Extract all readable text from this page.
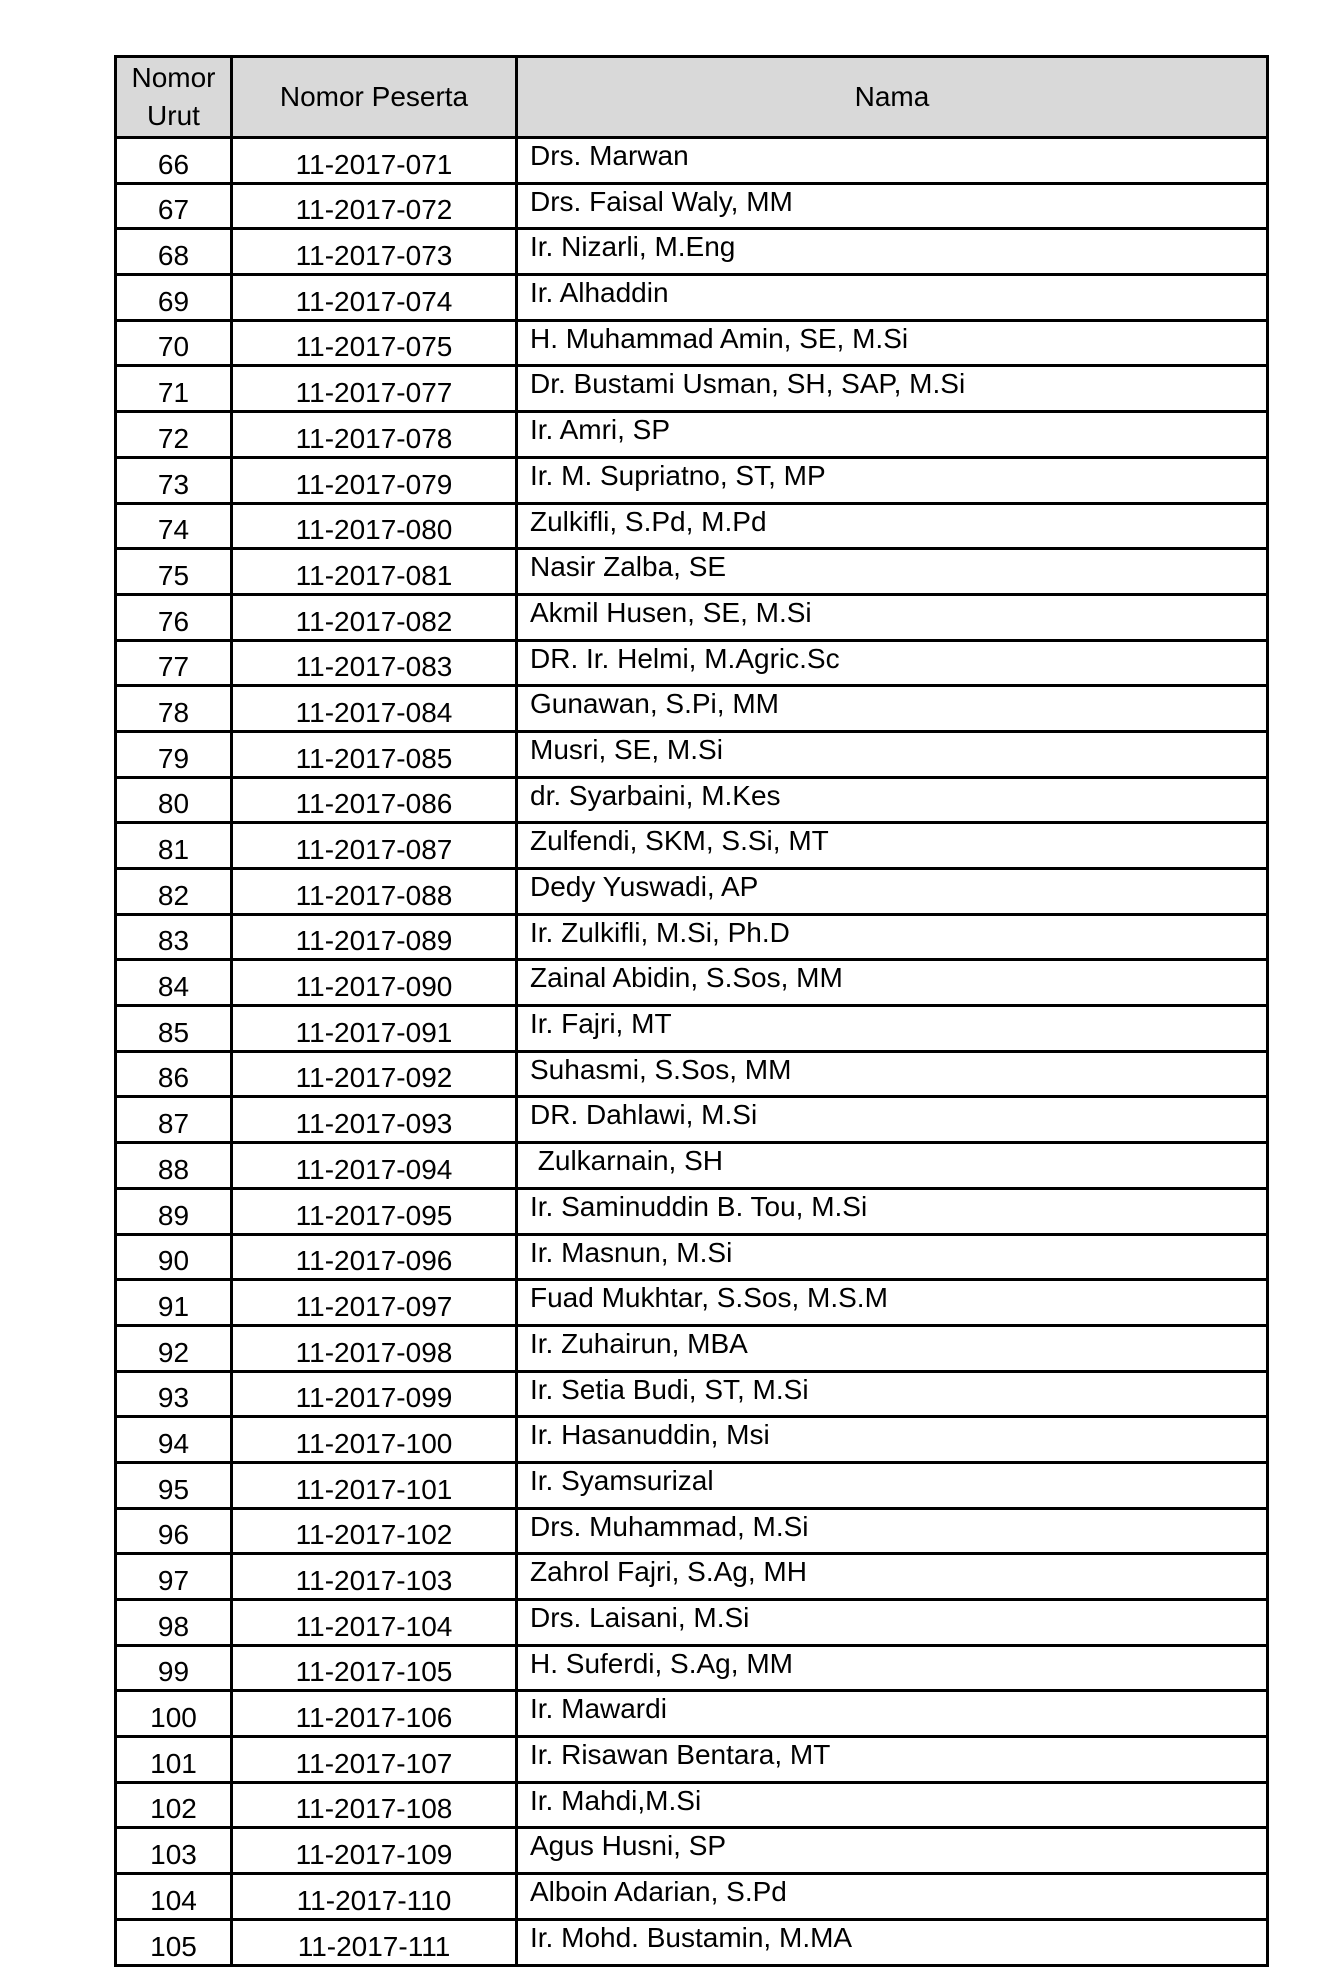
Nomor
Urut	Nomor Peserta	Nama
66	11-2017-071	Drs. Marwan
67	11-2017-072	Drs. Faisal Waly, MM
68	11-2017-073	Ir. Nizarli, M.Eng
69	11-2017-074	Ir. Alhaddin
70	11-2017-075	H. Muhammad Amin, SE, M.Si
71	11-2017-077	Dr. Bustami Usman, SH, SAP, M.Si
72	11-2017-078	Ir. Amri, SP
73	11-2017-079	Ir. M. Supriatno, ST, MP
74	11-2017-080	Zulkifli, S.Pd, M.Pd
75	11-2017-081	Nasir Zalba, SE
76	11-2017-082	Akmil Husen, SE, M.Si
77	11-2017-083	DR. Ir. Helmi, M.Agric.Sc
78	11-2017-084	Gunawan, S.Pi, MM
79	11-2017-085	Musri, SE, M.Si
80	11-2017-086	dr. Syarbaini, M.Kes
81	11-2017-087	Zulfendi, SKM, S.Si, MT
82	11-2017-088	Dedy Yuswadi, AP
83	11-2017-089	Ir. Zulkifli, M.Si, Ph.D
84	11-2017-090	Zainal Abidin, S.Sos, MM
85	11-2017-091	Ir. Fajri, MT
86	11-2017-092	Suhasmi, S.Sos, MM
87	11-2017-093	DR. Dahlawi, M.Si
88	11-2017-094	Zulkarnain, SH
89	11-2017-095	Ir. Saminuddin B. Tou, M.Si
90	11-2017-096	Ir. Masnun, M.Si
91	11-2017-097	Fuad Mukhtar, S.Sos, M.S.M
92	11-2017-098	Ir. Zuhairun, MBA
93	11-2017-099	Ir. Setia Budi, ST, M.Si
94	11-2017-100	Ir. Hasanuddin, Msi
95	11-2017-101	Ir. Syamsurizal
96	11-2017-102	Drs. Muhammad, M.Si
97	11-2017-103	Zahrol Fajri, S.Ag, MH
98	11-2017-104	Drs. Laisani, M.Si
99	11-2017-105	H. Suferdi, S.Ag, MM
100	11-2017-106	Ir. Mawardi
101	11-2017-107	Ir. Risawan Bentara, MT
102	11-2017-108	Ir. Mahdi,M.Si
103	11-2017-109	Agus Husni, SP
104	11-2017-110	Alboin Adarian, S.Pd
105	11-2017-111	Ir. Mohd. Bustamin, M.MA
